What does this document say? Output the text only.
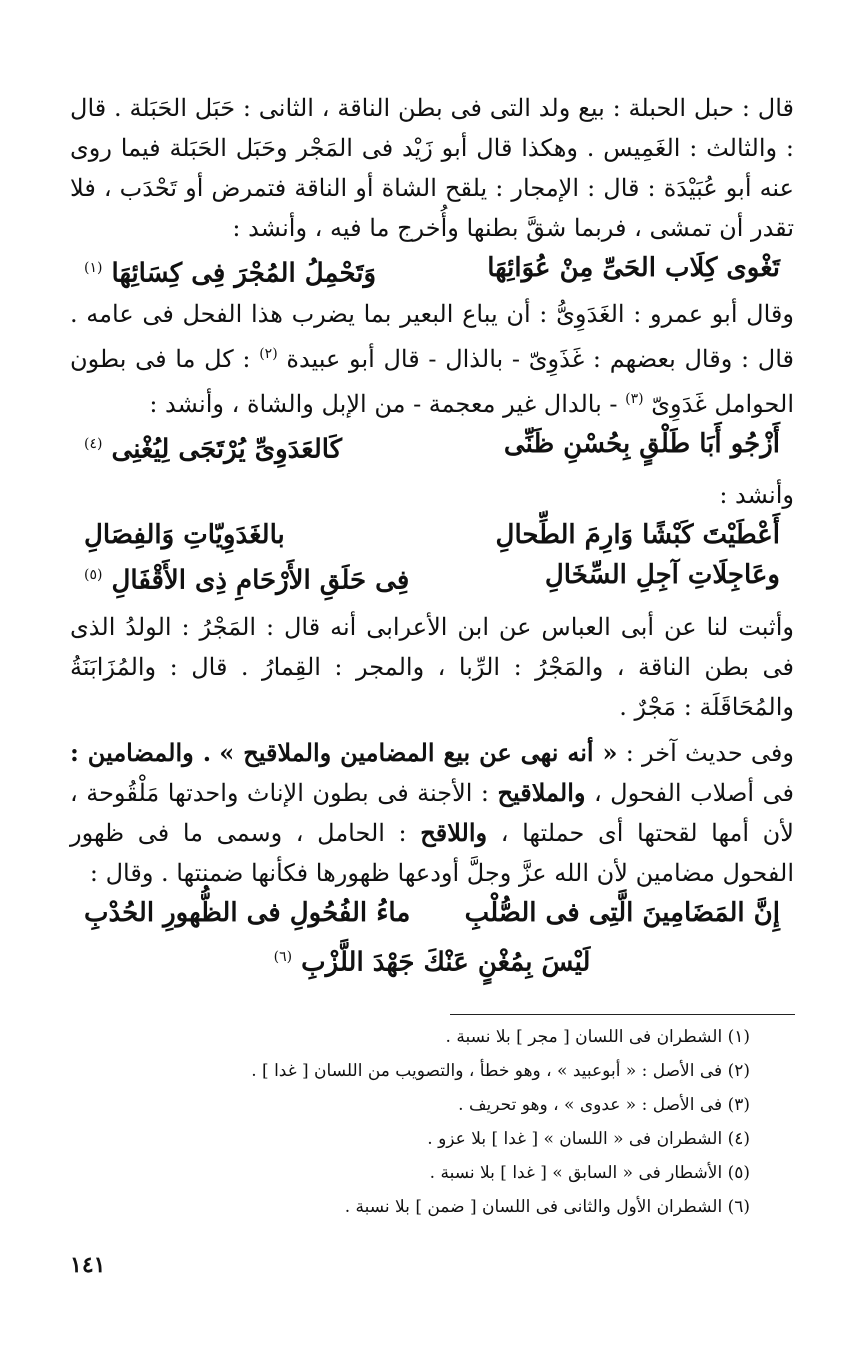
قال : حبل الحبلة : بيع ولد التى فى بطن الناقة ، الثانى : حَبَل الحَبَلة . قال : والثالث : الغَمِيس . وهكذا قال أبو زَيْد فى المَجْر وحَبَل الحَبَلة فيما روى عنه أبو عُبَيْدَة : قال : الإمجار : يلقح الشاة أو الناقة فتمرض أو تَحْدَب ، فلا تقدر أن تمشى ، فربما شقَّ بطنها وأُخرج ما فيه ، وأنشد :

تَغْوى كِلَاب الحَىِّ مِنْ عُوَائِهَا
وَتَحْمِلُ المُجْرَ فِى كِسَائِهَا $^{(١)}$

وقال أبو عمرو : الغَدَوِىُّ : أن يباع البعير بما يضرب هذا الفحل فى عامه . قال : وقال بعضهم : غَذَوِىّ - بالذال - قال أبو عبيدة $^{(٢)}$ : كل ما فى بطون الحوامل غَدَوِىّ $^{(٣)}$ - بالدال غير معجمة - من الإبل والشاة ، وأنشد :

أَزْجُو أَبَا طَلْقٍ بِحُسْنِ ظَنِّى
كَالعَدَوِىِّ يُرْتَجَى لِيُغْنِى $^{(٤)}$

وأنشد :

أَعْطَيْتَ كَبْشًا وَارِمَ الطِّحالِ
بالغَدَوِيّاتِ وَالفِصَالِ
وعَاجِلَاتِ آجِلِ السِّخَالِ
فِى حَلَقِ الأَرْحَامِ ذِى الأَقْفَالِ $^{(٥)}$

وأثبت لنا عن أبى العباس عن ابن الأعرابى أنه قال : المَجْرُ : الولدُ الذى فى بطن الناقة ، والمَجْرُ : الرِّبا ، والمجر : القِمارُ . قال : والمُزَابَنَةُ والمُحَاقَلَة : مَجْرٌ .

وفى حديث آخر : « أنه نهى عن بيع المضامين والملاقيح » . والمضامين : فى أصلاب الفحول ، والملاقيح : الأجنة فى بطون الإناث واحدتها مَلْقُوحة ، لأن أمها لقحتها أى حملتها ، واللاقح : الحامل ، وسمى ما فى ظهور الفحول مضامين لأن الله عزَّ وجلَّ أودعها ظهورها فكأنها ضمنتها . وقال :

إِنَّ المَضَامِينَ الَّتِى فى الصُّلْبِ
ماءُ الفُحُولِ فى الظُّهورِ الحُدْبِ
لَيْسَ بِمُغْنٍ عَنْكَ جَهْدَ اللَّزْبِ $^{(٦)}$

(١) الشطران فى اللسان [ مجر ] بلا نسبة .

(٢) فى الأصل : « أبوعبيد » ، وهو خطأ ، والتصويب من اللسان [ غدا ] .

(٣) فى الأصل : « عدوى » ، وهو تحريف .

(٤) الشطران فى « اللسان » [ غدا ] بلا عزو .

(٥) الأشطار فى « السابق » [ غدا ] بلا نسبة .

(٦) الشطران الأول والثانى فى اللسان [ ضمن ] بلا نسبة .

١٤١
